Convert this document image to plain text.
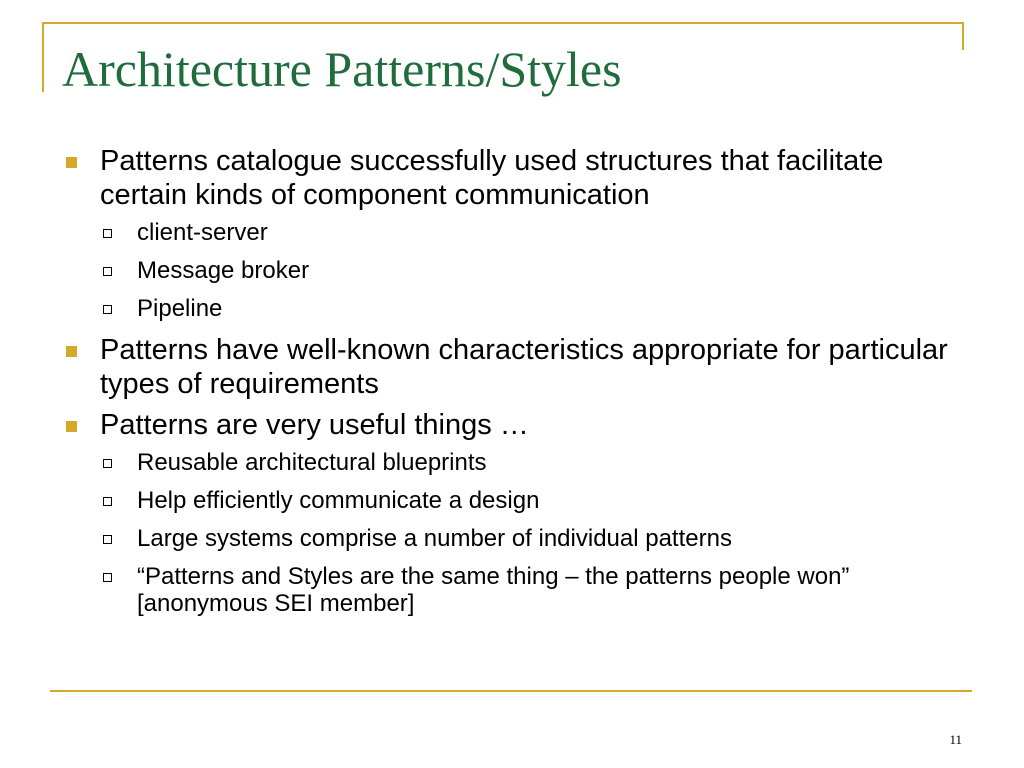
Architecture Patterns/Styles
Patterns catalogue successfully used structures that facilitate certain kinds of component communication
client-server
Message broker
Pipeline
Patterns have well-known characteristics appropriate for particular types of requirements
Patterns are very useful things …
Reusable architectural blueprints
Help efficiently communicate a design
Large systems comprise a number of individual patterns
“Patterns and Styles are the same thing – the patterns people won” [anonymous SEI member]
11
